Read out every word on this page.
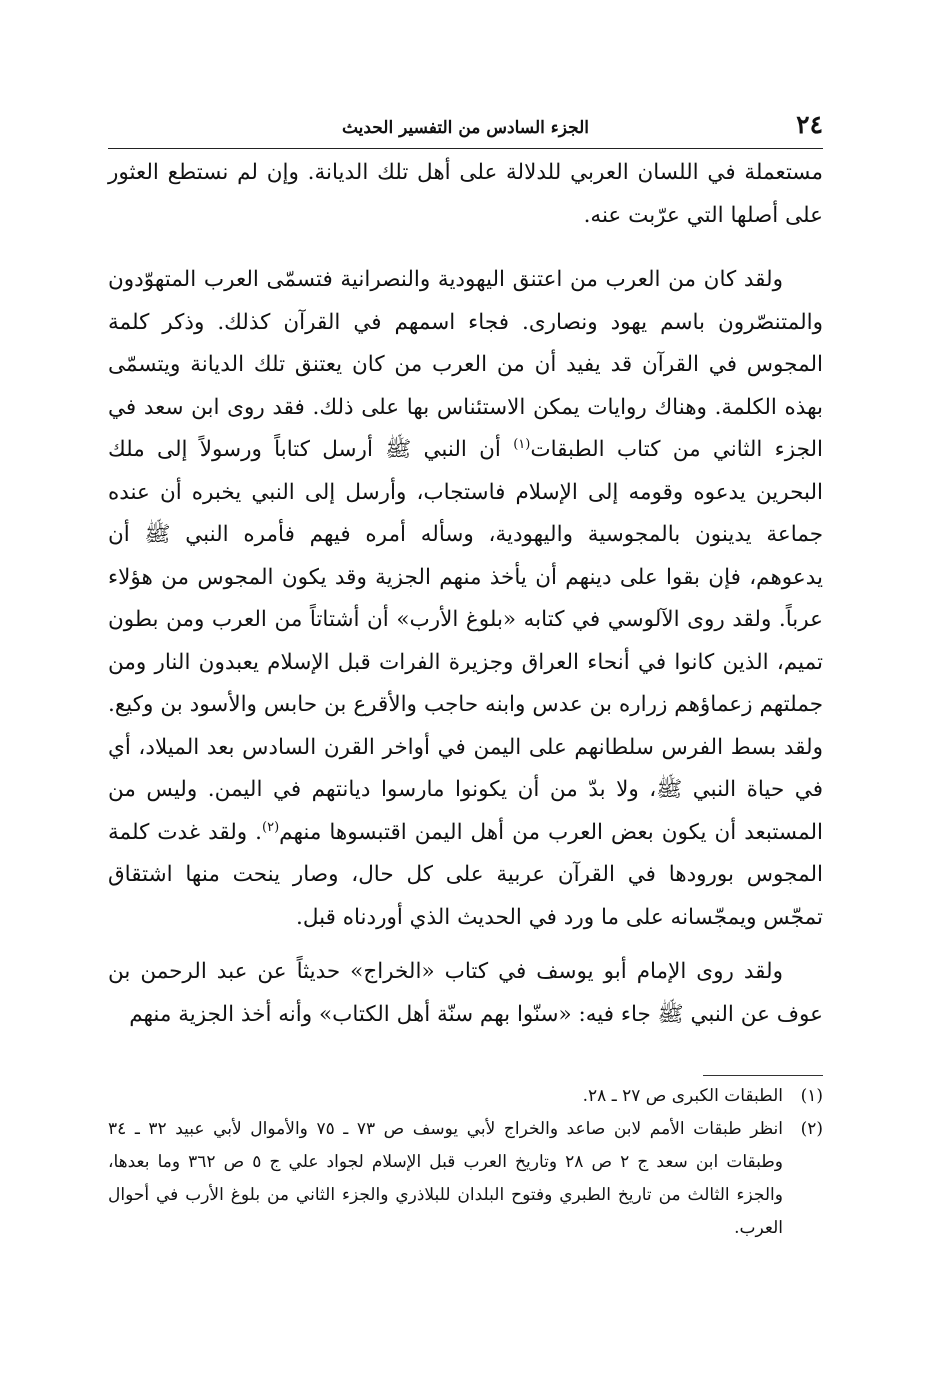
٢٤
الجزء السادس من التفسير الحديث

مستعملة في اللسان العربي للدلالة على أهل تلك الديانة. وإن لم نستطع العثور على أصلها التي عرّبت عنه.

ولقد كان من العرب من اعتنق اليهودية والنصرانية فتسمّى العرب المتهوّدون والمتنصّرون باسم يهود ونصارى. فجاء اسمهم في القرآن كذلك. وذكر كلمة المجوس في القرآن قد يفيد أن من العرب من كان يعتنق تلك الديانة ويتسمّى بهذه الكلمة. وهناك روايات يمكن الاستئناس بها على ذلك. فقد روى ابن سعد في الجزء الثاني من كتاب الطبقات$^{(١)}$ أن النبي ﷺ أرسل كتاباً ورسولاً إلى ملك البحرين يدعوه وقومه إلى الإسلام فاستجاب، وأرسل إلى النبي يخبره أن عنده جماعة يدينون بالمجوسية واليهودية، وسأله أمره فيهم فأمره النبي ﷺ أن يدعوهم، فإن بقوا على دينهم أن يأخذ منهم الجزية وقد يكون المجوس من هؤلاء عرباً. ولقد روى الآلوسي في كتابه «بلوغ الأرب» أن أشتاتاً من العرب ومن بطون تميم، الذين كانوا في أنحاء العراق وجزيرة الفرات قبل الإسلام يعبدون النار ومن جملتهم زعماؤهم زراره بن عدس وابنه حاجب والأقرع بن حابس والأسود بن وكيع. ولقد بسط الفرس سلطانهم على اليمن في أواخر القرن السادس بعد الميلاد، أي في حياة النبي ﷺ، ولا بدّ من أن يكونوا مارسوا ديانتهم في اليمن. وليس من المستبعد أن يكون بعض العرب من أهل اليمن اقتبسوها منهم$^{(٢)}$. ولقد غدت كلمة المجوس بورودها في القرآن عربية على كل حال، وصار ينحت منها اشتقاق تمجّس ويمجّسانه على ما ورد في الحديث الذي أوردناه قبل.

ولقد روى الإمام أبو يوسف في كتاب «الخراج» حديثاً عن عبد الرحمن بن عوف عن النبي ﷺ جاء فيه: «سنّوا بهم سنّة أهل الكتاب» وأنه أخذ الجزية منهم

(١)
الطبقات الكبرى ص ٢٧ ـ ٢٨.
(٢)
انظر طبقات الأمم لابن صاعد والخراج لأبي يوسف ص ٧٣ ـ ٧٥ والأموال لأبي عبيد ٣٢ ـ ٣٤ وطبقات ابن سعد ج ٢ ص ٢٨ وتاريخ العرب قبل الإسلام لجواد علي ج ٥ ص ٣٦٢ وما بعدها، والجزء الثالث من تاريخ الطبري وفتوح البلدان للبلاذري والجزء الثاني من بلوغ الأرب في أحوال العرب.
